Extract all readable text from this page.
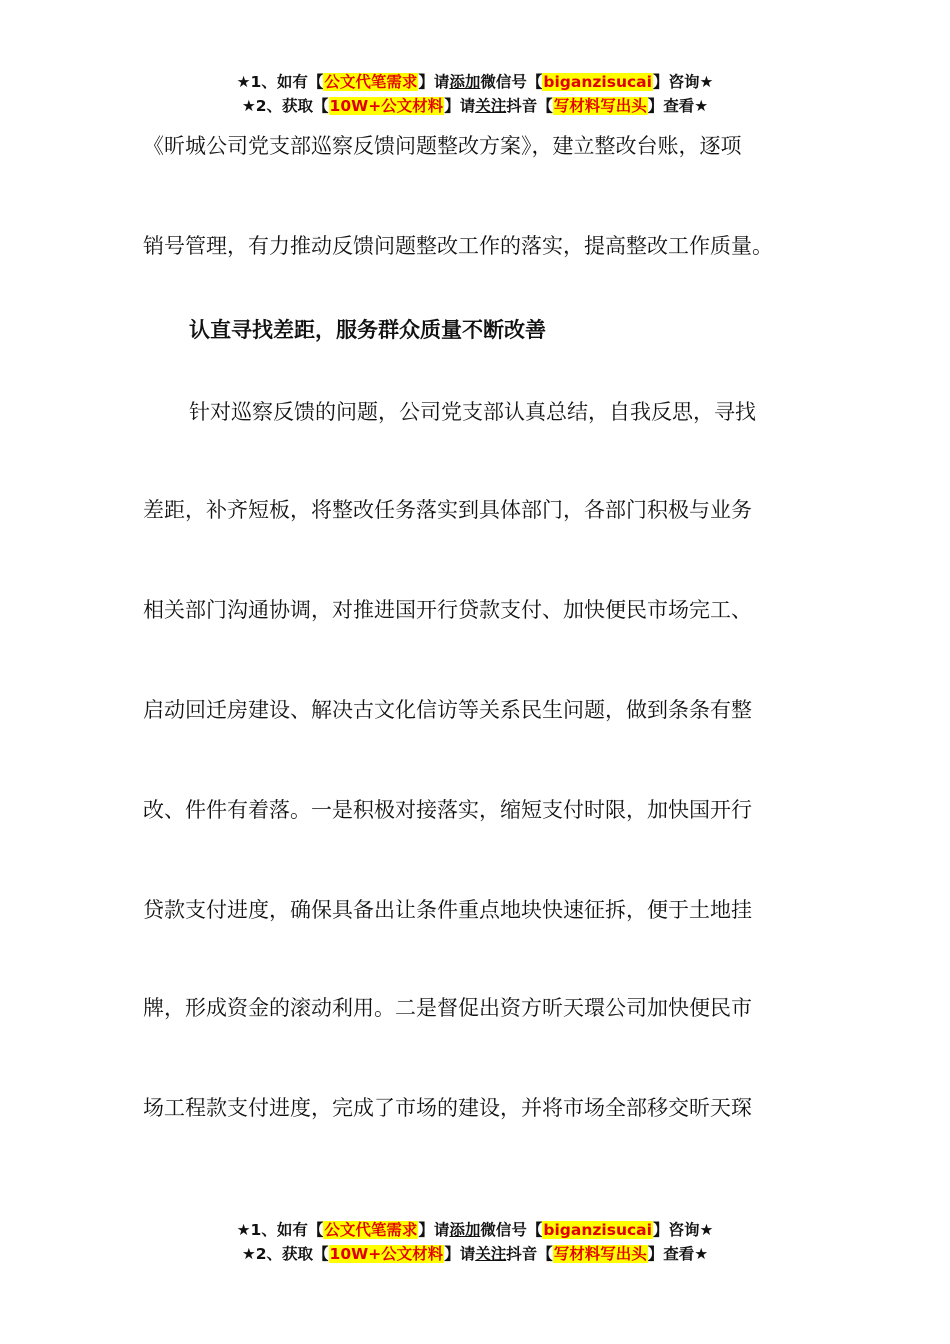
★1、如有【公文代笔需求】请添加微信号【biganzisucai】咨询★
★2、获取【10W+公文材料】请关注抖音【写材料写出头】查看★
《昕城公司党支部巡察反馈问题整改方案》，建立整改台账，逐项
销号管理，有力推动反馈问题整改工作的落实，提高整改工作质量。
认直寻找差距，服务群众质量不断改善
针对巡察反馈的问题，公司党支部认真总结，自我反思，寻找
差距，补齐短板，将整改任务落实到具体部门，各部门积极与业务
相关部门沟通协调，对推进国开行贷款支付、加快便民市场完工、
启动回迁房建设、解决古文化信访等关系民生问题，做到条条有整
改、件件有着落。一是积极对接落实，缩短支付时限，加快国开行
贷款支付进度，确保具备出让条件重点地块快速征拆，便于土地挂
牌，形成资金的滚动利用。二是督促出资方昕天環公司加快便民市
场工程款支付进度，完成了市场的建设，并将市场全部移交昕天琛
★1、如有【公文代笔需求】请添加微信号【biganzisucai】咨询★
★2、获取【10W+公文材料】请关注抖音【写材料写出头】查看★
